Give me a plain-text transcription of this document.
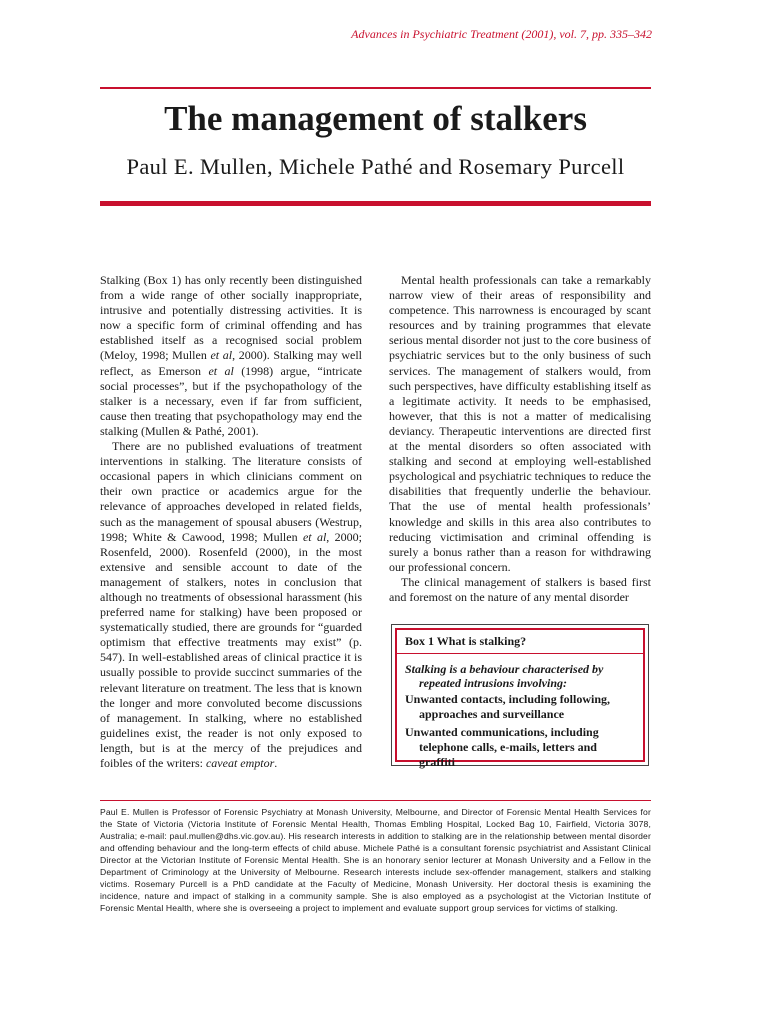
Advances in Psychiatric Treatment (2001), vol. 7, pp. 335–342
The management of stalkers
Paul E. Mullen, Michele Pathé and Rosemary Purcell

Stalking (Box 1) has only recently been distinguished from a wide range of other socially inappropriate, intrusive and potentially distressing activities. It is now a specific form of criminal offending and has established itself as a recognised social problem (Meloy, 1998; Mullen et al, 2000). Stalking may well reflect, as Emerson et al (1998) argue, “intricate social processes”, but if the psychopathology of the stalker is a necessary, even if far from sufficient, cause then treating that psychopathology may end the stalking (Mullen & Pathé, 2001).

There are no published evaluations of treatment interventions in stalking. The literature consists of occasional papers in which clinicians comment on their own practice or academics argue for the relevance of approaches developed in related fields, such as the management of spousal abusers (Westrup, 1998; White & Cawood, 1998; Mullen et al, 2000; Rosenfeld, 2000). Rosenfeld (2000), in the most extensive and sensible account to date of the management of stalkers, notes in conclusion that although no treatments of obsessional harassment (his preferred name for stalking) have been proposed or systematically studied, there are grounds for “guarded optimism that effective treatments may exist” (p. 547). In well-established areas of clinical practice it is usually possible to provide succinct summaries of the relevant literature on treatment. The less that is known the longer and more convoluted become discussions of management. In stalking, where no established guidelines exist, the reader is not only exposed to length, but is at the mercy of the prejudices and foibles of the writers: caveat emptor.

Mental health professionals can take a remarkably narrow view of their areas of responsibility and competence. This narrowness is encouraged by scant resources and by training programmes that elevate serious mental disorder not just to the core business of psychiatric services but to the only business of such services. The management of stalkers would, from such perspectives, have difficulty establishing itself as a legitimate activity. It needs to be emphasised, however, that this is not a matter of medicalising deviancy. Therapeutic interventions are directed first at the mental disorders so often associated with stalking and second at employing well-established psychological and psychiatric techniques to reduce the disabilities that frequently underlie the behaviour. That the use of mental health professionals’ knowledge and skills in this area also contributes to reducing victimisation and criminal offending is surely a bonus rather than a reason for withdrawing our professional concern.

The clinical management of stalkers is based first and foremost on the nature of any mental disorder

Box 1 What is stalking?

Stalking is a behaviour characterised by repeated intrusions involving:

Unwanted contacts, including following, approaches and surveillance

Unwanted communications, including telephone calls, e-mails, letters and graffiti

Paul E. Mullen is Professor of Forensic Psychiatry at Monash University, Melbourne, and Director of Forensic Mental Health Services for the State of Victoria (Victoria Institute of Forensic Mental Health, Thomas Embling Hospital, Locked Bag 10, Fairfield, Victoria 3078, Australia; e-mail: paul.mullen@dhs.vic.gov.au). His research interests in addition to stalking are in the relationship between mental disorder and offending behaviour and the long-term effects of child abuse. Michele Pathé is a consultant forensic psychiatrist and Assistant Clinical Director at the Victorian Institute of Forensic Mental Health. She is an honorary senior lecturer at Monash University and a Fellow in the Department of Criminology at the University of Melbourne. Research interests include sex-offender management, stalkers and stalking victims. Rosemary Purcell is a PhD candidate at the Faculty of Medicine, Monash University. Her doctoral thesis is examining the incidence, nature and impact of stalking in a community sample. She is also employed as a psychologist at the Victorian Institute of Forensic Mental Health, where she is overseeing a project to implement and evaluate support group services for victims of stalking.
